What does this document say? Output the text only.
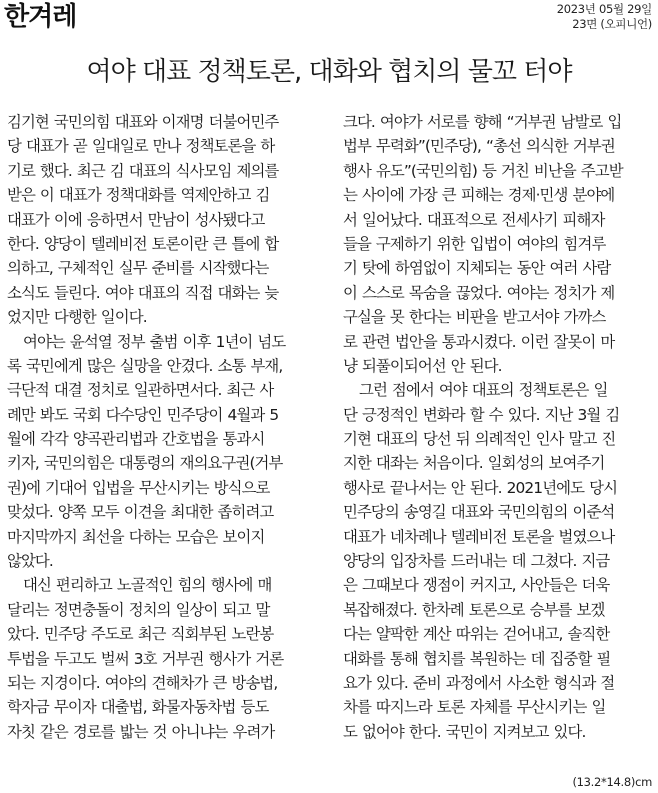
한겨레	2023년 05월 29일
23면 (오피니언)
여야 대표 정책토론, 대화와 협치의 물꼬 터야
김기현 국민의힘 대표와 이재명 더불어민주
당 대표가 곧 일대일로 만나 정책토론을 하
기로 했다. 최근 김 대표의 식사모임 제의를
받은 이 대표가 정책대화를 역제안하고 김
대표가 이에 응하면서 만남이 성사됐다고
한다. 양당이 텔레비전 토론이란 큰 틀에 합
의하고, 구체적인 실무 준비를 시작했다는
소식도 들린다. 여야 대표의 직접 대화는 늦
었지만 다행한 일이다.
여야는 윤석열 정부 출범 이후 1년이 넘도
록 국민에게 많은 실망을 안겼다. 소통 부재,
극단적 대결 정치로 일관하면서다. 최근 사
례만 봐도 국회 다수당인 민주당이 4월과 5
월에 각각 양곡관리법과 간호법을 통과시
키자, 국민의힘은 대통령의 재의요구권(거부
권)에 기대어 입법을 무산시키는 방식으로
맞섰다. 양쪽 모두 이견을 최대한 좁히려고
마지막까지 최선을 다하는 모습은 보이지
않았다.
대신 편리하고 노골적인 힘의 행사에 매
달리는 정면충돌이 정치의 일상이 되고 말
았다. 민주당 주도로 최근 직회부된 노란봉
투법을 두고도 벌써 3호 거부권 행사가 거론
되는 지경이다. 여야의 견해차가 큰 방송법,
학자금 무이자 대출법, 화물자동차법 등도
자칫 같은 경로를 밟는 것 아니냐는 우려가
크다. 여야가 서로를 향해 “거부권 남발로 입
법부 무력화”(민주당), “총선 의식한 거부권
행사 유도”(국민의힘) 등 거친 비난을 주고받
는 사이에 가장 큰 피해는 경제·민생 분야에
서 일어났다. 대표적으로 전세사기 피해자
들을 구제하기 위한 입법이 여야의 힘겨루
기 탓에 하염없이 지체되는 동안 여러 사람
이 스스로 목숨을 끊었다. 여야는 정치가 제
구실을 못 한다는 비판을 받고서야 가까스
로 관련 법안을 통과시켰다. 이런 잘못이 마
냥 되풀이되어선 안 된다.
그런 점에서 여야 대표의 정책토론은 일
단 긍정적인 변화라 할 수 있다. 지난 3월 김
기현 대표의 당선 뒤 의례적인 인사 말고 진
지한 대좌는 처음이다. 일회성의 보여주기
행사로 끝나서는 안 된다. 2021년에도 당시
민주당의 송영길 대표와 국민의힘의 이준석
대표가 네차례나 텔레비전 토론을 벌였으나
양당의 입장차를 드러내는 데 그쳤다. 지금
은 그때보다 쟁점이 커지고, 사안들은 더욱
복잡해졌다. 한차례 토론으로 승부를 보겠
다는 얄팍한 계산 따위는 걷어내고, 솔직한
대화를 통해 협치를 복원하는 데 집중할 필
요가 있다. 준비 과정에서 사소한 형식과 절
차를 따지느라 토론 자체를 무산시키는 일
도 없어야 한다. 국민이 지켜보고 있다.
(13.2*14.8)cm
